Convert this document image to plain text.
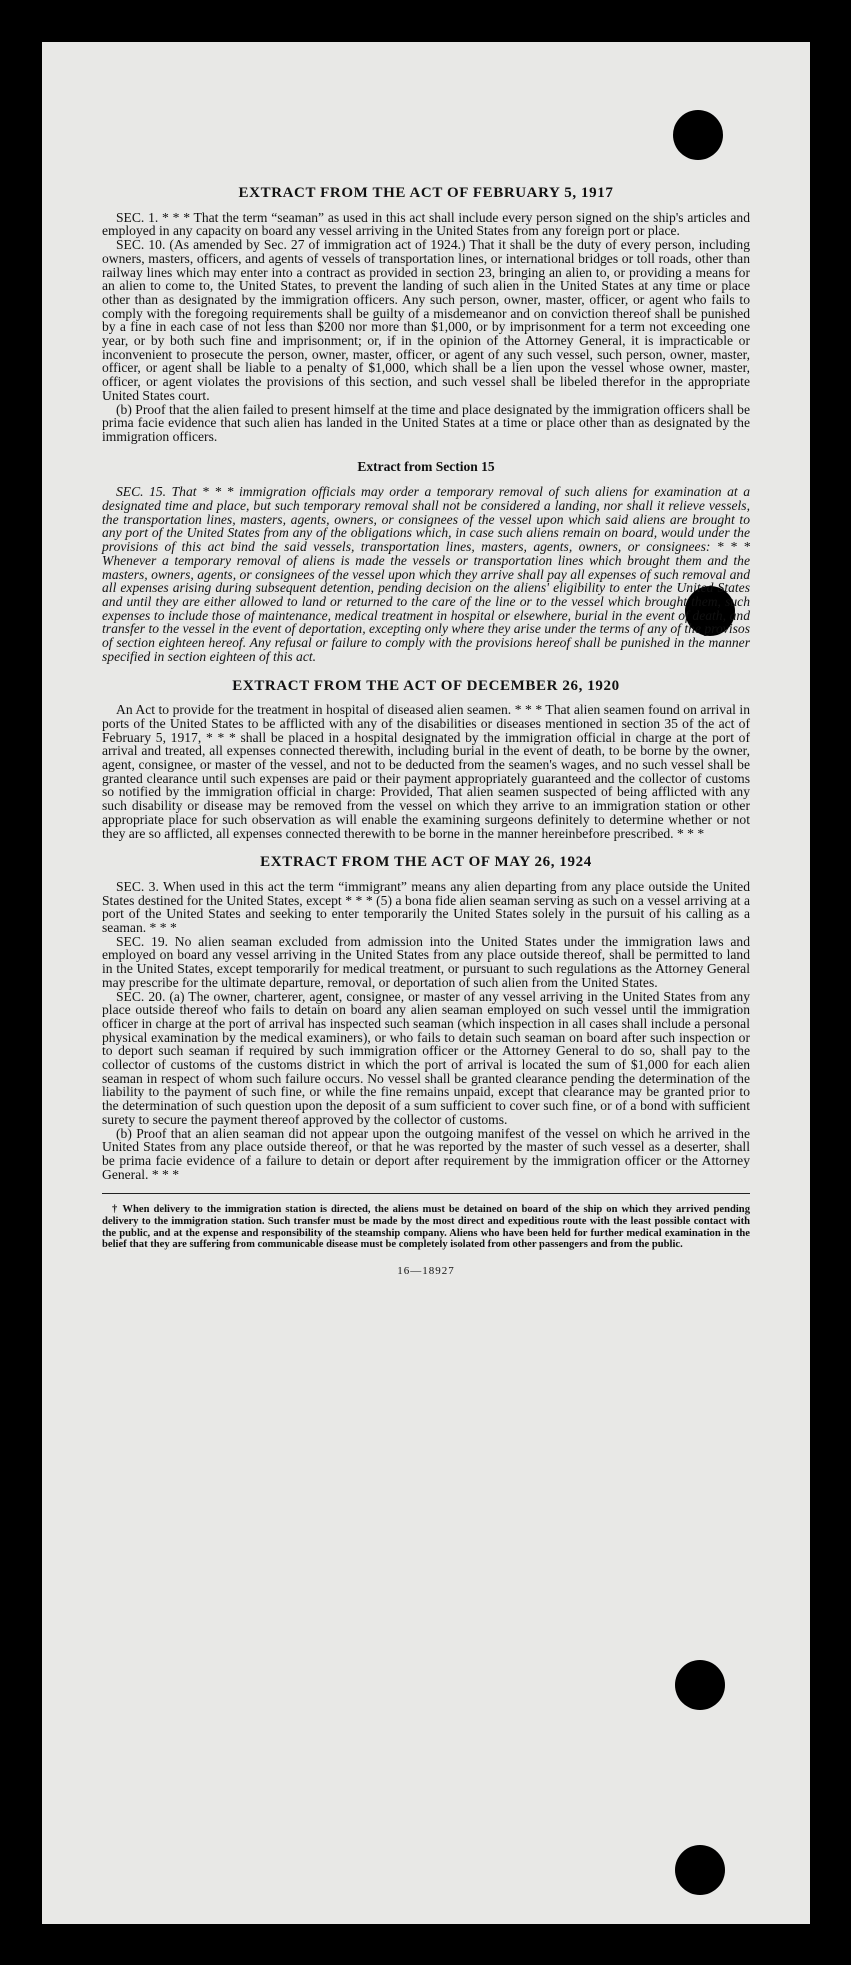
EXTRACT FROM THE ACT OF FEBRUARY 5, 1917

SEC. 1. * * * That the term “seaman” as used in this act shall include every person signed on the ship's articles and employed in any capacity on board any vessel arriving in the United States from any foreign port or place.

SEC. 10. (As amended by Sec. 27 of immigration act of 1924.) That it shall be the duty of every person, including owners, masters, officers, and agents of vessels of transportation lines, or international bridges or toll roads, other than railway lines which may enter into a contract as provided in section 23, bringing an alien to, or providing a means for an alien to come to, the United States, to prevent the landing of such alien in the United States at any time or place other than as designated by the immigration officers. Any such person, owner, master, officer, or agent who fails to comply with the foregoing requirements shall be guilty of a misdemeanor and on conviction thereof shall be punished by a fine in each case of not less than $200 nor more than $1,000, or by imprisonment for a term not exceeding one year, or by both such fine and imprisonment; or, if in the opinion of the Attorney General, it is impracticable or inconvenient to prosecute the person, owner, master, officer, or agent of any such vessel, such person, owner, master, officer, or agent shall be liable to a penalty of $1,000, which shall be a lien upon the vessel whose owner, master, officer, or agent violates the provisions of this section, and such vessel shall be libeled therefor in the appropriate United States court.

(b) Proof that the alien failed to present himself at the time and place designated by the immigration officers shall be prima facie evidence that such alien has landed in the United States at a time or place other than as designated by the immigration officers.

Extract from Section 15

SEC. 15. That * * * immigration officials may order a temporary removal of such aliens for examination at a designated time and place, but such temporary removal shall not be considered a landing, nor shall it relieve vessels, the transportation lines, masters, agents, owners, or consignees of the vessel upon which said aliens are brought to any port of the United States from any of the obligations which, in case such aliens remain on board, would under the provisions of this act bind the said vessels, transportation lines, masters, agents, owners, or consignees: * * * Whenever a temporary removal of aliens is made the vessels or transportation lines which brought them and the masters, owners, agents, or consignees of the vessel upon which they arrive shall pay all expenses of such removal and all expenses arising during subsequent detention, pending decision on the aliens' eligibility to enter the United States and until they are either allowed to land or returned to the care of the line or to the vessel which brought them, such expenses to include those of maintenance, medical treatment in hospital or elsewhere, burial in the event of death, and transfer to the vessel in the event of deportation, excepting only where they arise under the terms of any of the provisos of section eighteen hereof. Any refusal or failure to comply with the provisions hereof shall be punished in the manner specified in section eighteen of this act.

EXTRACT FROM THE ACT OF DECEMBER 26, 1920

An Act to provide for the treatment in hospital of diseased alien seamen. * * * That alien seamen found on arrival in ports of the United States to be afflicted with any of the disabilities or diseases mentioned in section 35 of the act of February 5, 1917, * * * shall be placed in a hospital designated by the immigration official in charge at the port of arrival and treated, all expenses connected therewith, including burial in the event of death, to be borne by the owner, agent, consignee, or master of the vessel, and not to be deducted from the seamen's wages, and no such vessel shall be granted clearance until such expenses are paid or their payment appropriately guaranteed and the collector of customs so notified by the immigration official in charge: Provided, That alien seamen suspected of being afflicted with any such disability or disease may be removed from the vessel on which they arrive to an immigration station or other appropriate place for such observation as will enable the examining surgeons definitely to determine whether or not they are so afflicted, all expenses connected therewith to be borne in the manner hereinbefore prescribed. * * *

EXTRACT FROM THE ACT OF MAY 26, 1924

SEC. 3. When used in this act the term “immigrant” means any alien departing from any place outside the United States destined for the United States, except * * * (5) a bona fide alien seaman serving as such on a vessel arriving at a port of the United States and seeking to enter temporarily the United States solely in the pursuit of his calling as a seaman. * * *

SEC. 19. No alien seaman excluded from admission into the United States under the immigration laws and employed on board any vessel arriving in the United States from any place outside thereof, shall be permitted to land in the United States, except temporarily for medical treatment, or pursuant to such regulations as the Attorney General may prescribe for the ultimate departure, removal, or deportation of such alien from the United States.

SEC. 20. (a) The owner, charterer, agent, consignee, or master of any vessel arriving in the United States from any place outside thereof who fails to detain on board any alien seaman employed on such vessel until the immigration officer in charge at the port of arrival has inspected such seaman (which inspection in all cases shall include a personal physical examination by the medical examiners), or who fails to detain such seaman on board after such inspection or to deport such seaman if required by such immigration officer or the Attorney General to do so, shall pay to the collector of customs of the customs district in which the port of arrival is located the sum of $1,000 for each alien seaman in respect of whom such failure occurs. No vessel shall be granted clearance pending the determination of the liability to the payment of such fine, or while the fine remains unpaid, except that clearance may be granted prior to the determination of such question upon the deposit of a sum sufficient to cover such fine, or of a bond with sufficient surety to secure the payment thereof approved by the collector of customs.

(b) Proof that an alien seaman did not appear upon the outgoing manifest of the vessel on which he arrived in the United States from any place outside thereof, or that he was reported by the master of such vessel as a deserter, shall be prima facie evidence of a failure to detain or deport after requirement by the immigration officer or the Attorney General. * * *

† When delivery to the immigration station is directed, the aliens must be detained on board of the ship on which they arrived pending delivery to the immigration station. Such transfer must be made by the most direct and expeditious route with the least possible contact with the public, and at the expense and responsibility of the steamship company. Aliens who have been held for further medical examination in the belief that they are suffering from communicable disease must be completely isolated from other passengers and from the public.

16—18927
